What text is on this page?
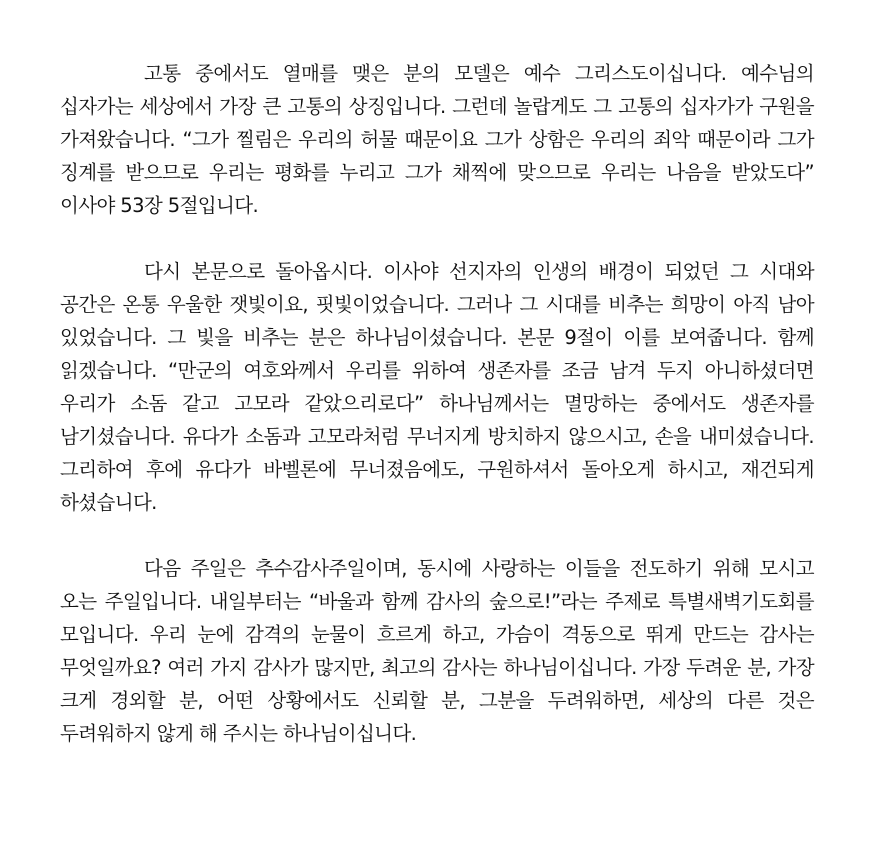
고통 중에서도 열매를 맺은 분의 모델은 예수 그리스도이십니다. 예수님의 십자가는 세상에서 가장 큰 고통의 상징입니다. 그런데 놀랍게도 그 고통의 십자가가 구원을 가져왔습니다. “그가 찔림은 우리의 허물 때문이요 그가 상함은 우리의 죄악 때문이라 그가 징계를 받으므로 우리는 평화를 누리고 그가 채찍에 맞으므로 우리는 나음을 받았도다” 이사야 53장 5절입니다.

다시 본문으로 돌아옵시다. 이사야 선지자의 인생의 배경이 되었던 그 시대와 공간은 온통 우울한 잿빛이요, 핏빛이었습니다. 그러나 그 시대를 비추는 희망이 아직 남아 있었습니다. 그 빛을 비추는 분은 하나님이셨습니다. 본문 9절이 이를 보여줍니다. 함께 읽겠습니다. “만군의 여호와께서 우리를 위하여 생존자를 조금 남겨 두지 아니하셨더면 우리가 소돔 같고 고모라 같았으리로다” 하나님께서는 멸망하는 중에서도 생존자를 남기셨습니다. 유다가 소돔과 고모라처럼 무너지게 방치하지 않으시고, 손을 내미셨습니다. 그리하여 후에 유다가 바벨론에 무너졌음에도, 구원하셔서 돌아오게 하시고, 재건되게 하셨습니다.

다음 주일은 추수감사주일이며, 동시에 사랑하는 이들을 전도하기 위해 모시고 오는 주일입니다. 내일부터는 “바울과 함께 감사의 숲으로!”라는 주제로 특별새벽기도회를 모입니다. 우리 눈에 감격의 눈물이 흐르게 하고, 가슴이 격동으로 뛰게 만드는 감사는 무엇일까요? 여러 가지 감사가 많지만, 최고의 감사는 하나님이십니다. 가장 두려운 분, 가장 크게 경외할 분, 어떤 상황에서도 신뢰할 분, 그분을 두려워하면, 세상의 다른 것은 두려워하지 않게 해 주시는 하나님이십니다.
